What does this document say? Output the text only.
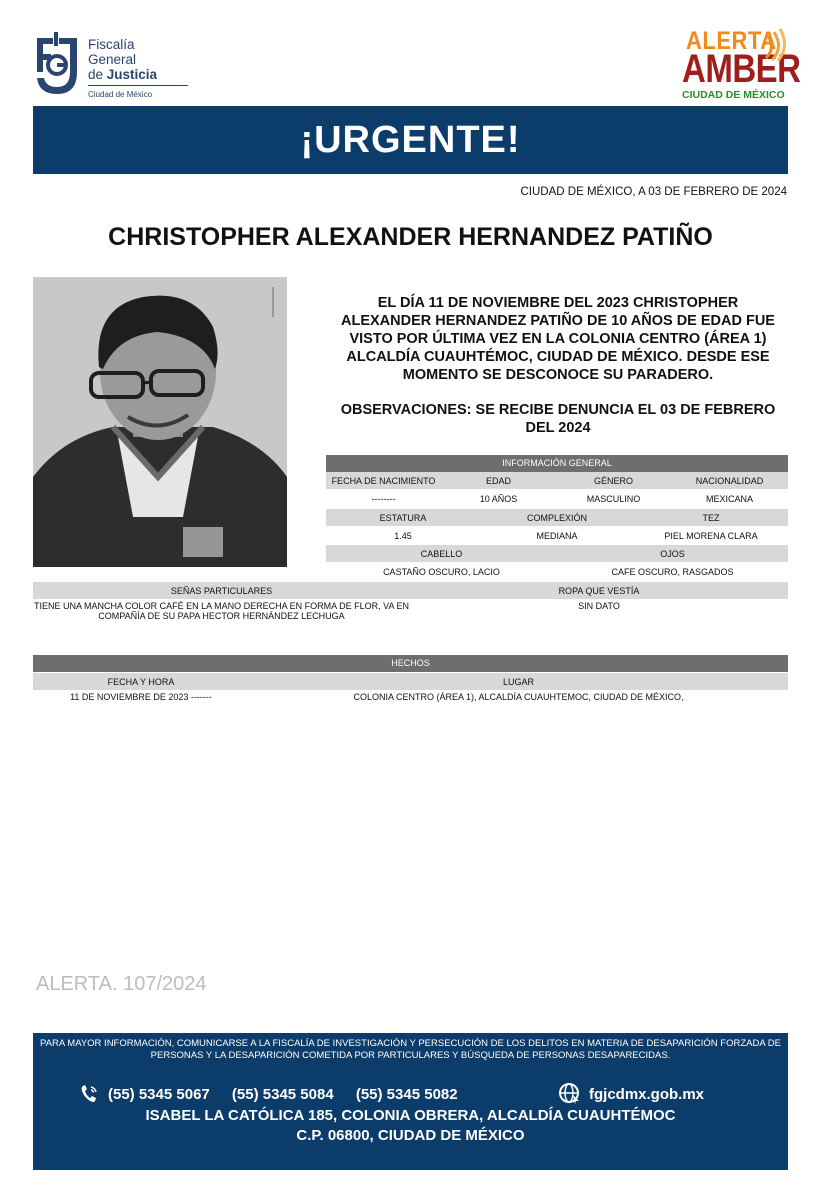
Fiscalía
General
de Justicia
Ciudad de México
ALERTA
AMBER
CIUDAD DE MÉXICO
¡URGENTE!
CIUDAD DE MÉXICO, A 03 DE FEBRERO DE 2024
CHRISTOPHER ALEXANDER HERNANDEZ PATIÑO
EL DÍA 11 DE NOVIEMBRE DEL 2023 CHRISTOPHER ALEXANDER HERNANDEZ PATIÑO DE 10 AÑOS DE EDAD FUE VISTO POR ÚLTIMA VEZ EN LA COLONIA CENTRO (ÁREA 1) ALCALDÍA CUAUHTÉMOC, CIUDAD DE MÉXICO. DESDE ESE MOMENTO SE DESCONOCE SU PARADERO.
OBSERVACIONES: SE RECIBE DENUNCIA EL 03 DE FEBRERO DEL 2024
INFORMACIÓN GENERAL
FECHA DE NACIMIENTO	EDAD	GÉNERO	NACIONALIDAD
--------	10 AÑOS	MASCULINO	MEXICANA
ESTATURA	COMPLEXIÓN	TEZ
1.45	MEDIANA	PIEL MORENA CLARA
CABELLO	OJOS
CASTAÑO OSCURO, LACIO	CAFE OSCURO, RASGADOS
SEÑAS PARTICULARES	ROPA QUE VESTÍA
TIENE UNA MANCHA COLOR CAFÉ EN LA MANO DERECHA EN FORMA DE FLOR, VA EN COMPAÑÍA DE SU PAPA HECTOR HERNÁNDEZ LECHUGA
SIN DATO
HECHOS
FECHA Y HORA	LUGAR
11 DE NOVIEMBRE DE 2023 -------	COLONIA CENTRO (ÁREA 1), ALCALDÍA CUAUHTEMOC, CIUDAD DE MÉXICO,
ALERTA. 107/2024
PARA MAYOR INFORMACIÓN, COMUNICARSE A LA FISCALÍA DE INVESTIGACIÓN Y PERSECUCIÓN DE LOS DELITOS EN MATERIA DE DESAPARICIÓN FORZADA DE PERSONAS Y LA DESAPARICIÓN COMETIDA POR PARTICULARES Y BÚSQUEDA DE PERSONAS DESAPARECIDAS.
(55) 5345 5067 (55) 5345 5084 (55) 5345 5082	fgjcdmx.gob.mx
ISABEL LA CATÓLICA 185, COLONIA OBRERA, ALCALDÍA CUAUHTÉMOC
C.P. 06800, CIUDAD DE MÉXICO
